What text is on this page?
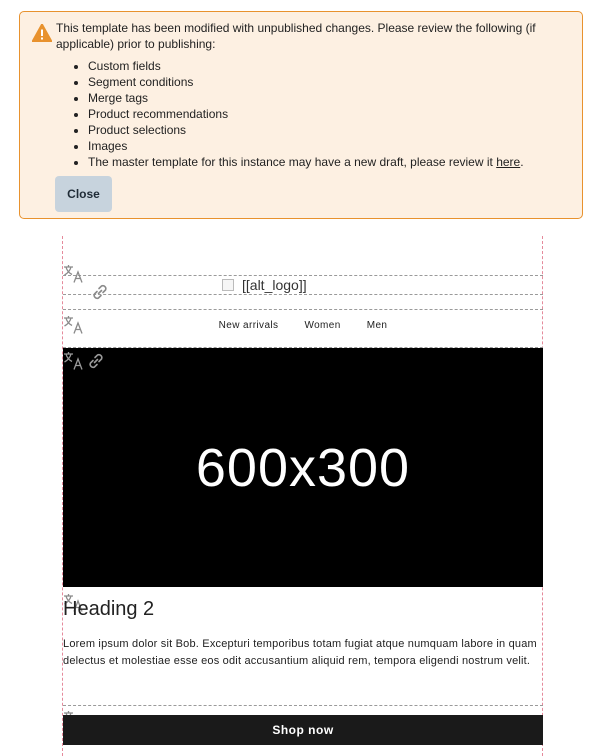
This template has been modified with unpublished changes. Please review the following (if applicable) prior to publishing:
• Custom fields
• Segment conditions
• Merge tags
• Product recommendations
• Product selections
• Images
• The master template for this instance may have a new draft, please review it here.
Close
[[alt_logo]]
New arrivals	Women	Men
600x300
Heading 2
Lorem ipsum dolor sit Bob. Excepturi temporibus totam fugiat atque numquam labore in quam delectus et molestiae esse eos odit accusantium aliquid rem, tempora eligendi nostrum velit.
Shop now
